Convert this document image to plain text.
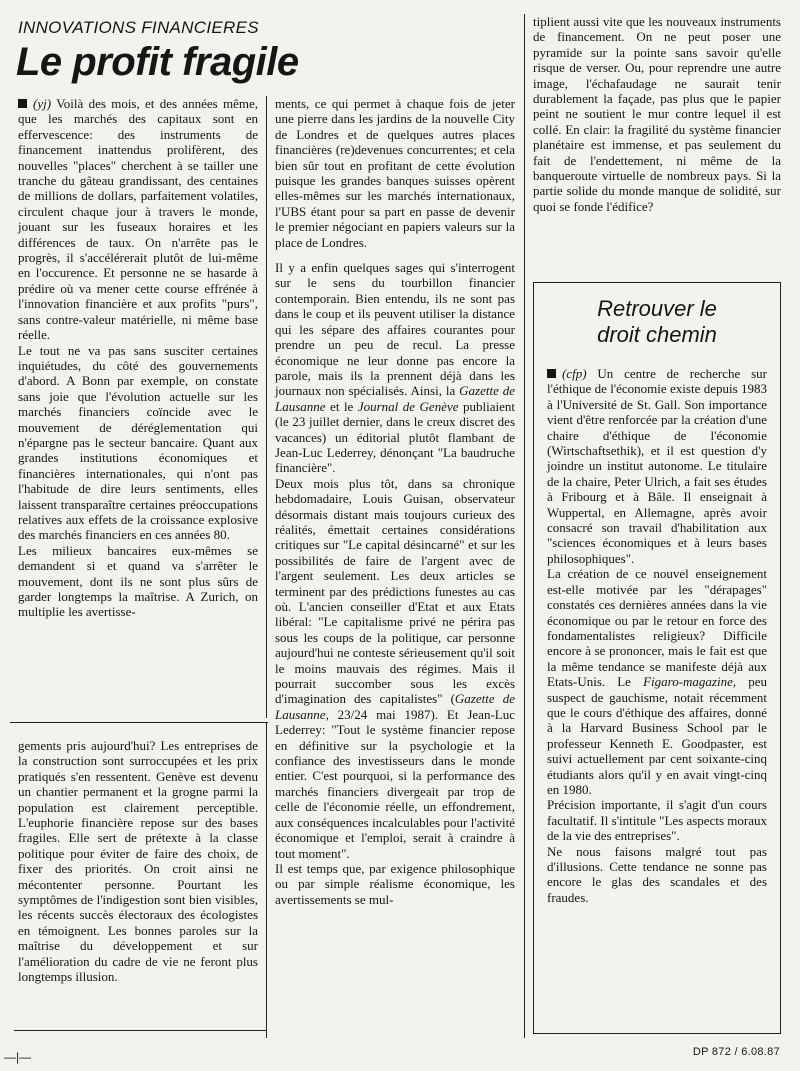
INNOVATIONS FINANCIERES
Le profit fragile

(yj) Voilà des mois, et des années même, que les marchés des capitaux sont en effervescence: des instruments de financement inattendus prolifèrent, des nouvelles "places" cherchent à se tailler une tranche du gâteau grandissant, des centaines de millions de dollars, parfaitement volatiles, circulent chaque jour à travers le monde, jouant sur les fuseaux horaires et les différences de taux. On n'arrête pas le progrès, il s'accélérerait plutôt de lui-même en l'occurence. Et personne ne se hasarde à prédire où va mener cette course effrénée à l'innovation financière et aux profits "purs", sans contre-valeur matérielle, ni même base réelle.

Le tout ne va pas sans susciter certaines inquiétudes, du côté des gouvernements d'abord. A Bonn par exemple, on constate sans joie que l'évolution actuelle sur les marchés financiers coïncide avec le mouvement de déréglementation qui n'épargne pas le secteur bancaire. Quant aux grandes institutions économiques et financières internationales, qui n'ont pas l'habitude de dire leurs sentiments, elles laissent transparaître certaines préoccupations relatives aux effets de la croissance explosive des marchés financiers en ces années 80.

Les milieux bancaires eux-mêmes se demandent si et quand va s'arrêter le mouvement, dont ils ne sont plus sûrs de garder longtemps la maîtrise. A Zurich, on multiplie les avertisse-

ments, ce qui permet à chaque fois de jeter une pierre dans les jardins de la nouvelle City de Londres et de quelques autres places financières (re)devenues concurrentes; et cela bien sûr tout en profitant de cette évolution puisque les grandes banques suisses opèrent elles-mêmes sur les marchés internationaux, l'UBS étant pour sa part en passe de devenir le premier négociant en papiers valeurs sur la place de Londres.

Il y a enfin quelques sages qui s'interrogent sur le sens du tourbillon financier contemporain. Bien entendu, ils ne sont pas dans le coup et ils peuvent utiliser la distance qui les sépare des affaires courantes pour prendre un peu de recul. La presse économique ne leur donne pas encore la parole, mais ils la prennent déjà dans les journaux non spécialisés. Ainsi, la Gazette de Lausanne et le Journal de Genève publiaient (le 23 juillet dernier, dans le creux discret des vacances) un éditorial plutôt flambant de Jean-Luc Lederrey, dénonçant "La baudruche financière".

Deux mois plus tôt, dans sa chronique hebdomadaire, Louis Guisan, observateur désormais distant mais toujours curieux des réalités, émettait certaines considérations critiques sur "Le capital désincarné" et sur les possibilités de faire de l'argent avec de l'argent seulement. Les deux articles se terminent par des prédictions funestes au cas où. L'ancien conseiller d'Etat et aux Etats libéral: "Le capitalisme privé ne périra pas sous les coups de la politique, car personne aujourd'hui ne conteste sérieusement qu'il soit le moins mauvais des régimes. Mais il pourrait succomber sous les excès d'imagination des capitalistes" (Gazette de Lausanne, 23/24 mai 1987). Et Jean-Luc Lederrey: "Tout le système financier repose en définitive sur la psychologie et la confiance des investisseurs dans le monde entier. C'est pourquoi, si la performance des marchés financiers divergeait par trop de celle de l'économie réelle, un effondrement, aux conséquences incalculables pour l'activité économique et l'emploi, serait à craindre à tout moment".

Il est temps que, par exigence philosophique ou par simple réalisme économique, les avertissements se mul-

gements pris aujourd'hui? Les entreprises de la construction sont surroccupées et les prix pratiqués s'en ressentent. Genève est devenu un chantier permanent et la grogne parmi la population est clairement perceptible. L'euphorie financière repose sur des bases fragiles. Elle sert de prétexte à la classe politique pour éviter de faire des choix, de fixer des priorités. On croit ainsi ne mécontenter personne. Pourtant les symptômes de l'indigestion sont bien visibles, les récents succès électoraux des écologistes en témoignent. Les bonnes paroles sur la maîtrise du développement et sur l'amélioration du cadre de vie ne feront plus longtemps illusion.

tiplient aussi vite que les nouveaux instruments de financement. On ne peut poser une pyramide sur la pointe sans savoir qu'elle risque de verser. Ou, pour reprendre une autre image, l'échafaudage ne saurait tenir durablement la façade, pas plus que le papier peint ne soutient le mur contre lequel il est collé. En clair: la fragilité du système financier planétaire est immense, et pas seulement du fait de l'endettement, ni même de la banqueroute virtuelle de nombreux pays. Si la partie solide du monde manque de solidité, sur quoi se fonde l'édifice?

Retrouver le
droit chemin

(cfp) Un centre de recherche sur l'éthique de l'économie existe depuis 1983 à l'Université de St. Gall. Son importance vient d'être renforcée par la création d'une chaire d'éthique de l'économie (Wirtschaftsethik), et il est question d'y joindre un institut autonome. Le titulaire de la chaire, Peter Ulrich, a fait ses études à Fribourg et à Bâle. Il enseignait à Wuppertal, en Allemagne, après avoir consacré son travail d'habilitation aux "sciences économiques et à leurs bases philosophiques".

La création de ce nouvel enseignement est-elle motivée par les "dérapages" constatés ces dernières années dans la vie économique ou par le retour en force des fondamentalistes religieux? Difficile encore à se prononcer, mais le fait est que la même tendance se manifeste déjà aux Etats-Unis. Le Figaro-magazine, peu suspect de gauchisme, notait récemment que le cours d'éthique des affaires, donné à la Harvard Business School par le professeur Kenneth E. Goodpaster, est suivi actuellement par cent soixante-cinq étudiants alors qu'il y en avait vingt-cinq en 1980.

Précision importante, il s'agit d'un cours facultatif. Il s'intitule "Les aspects moraux de la vie des entreprises".

Ne nous faisons malgré tout pas d'illusions. Cette tendance ne sonne pas encore le glas des scandales et des fraudes.

—|—	DP 872 / 6.08.87
